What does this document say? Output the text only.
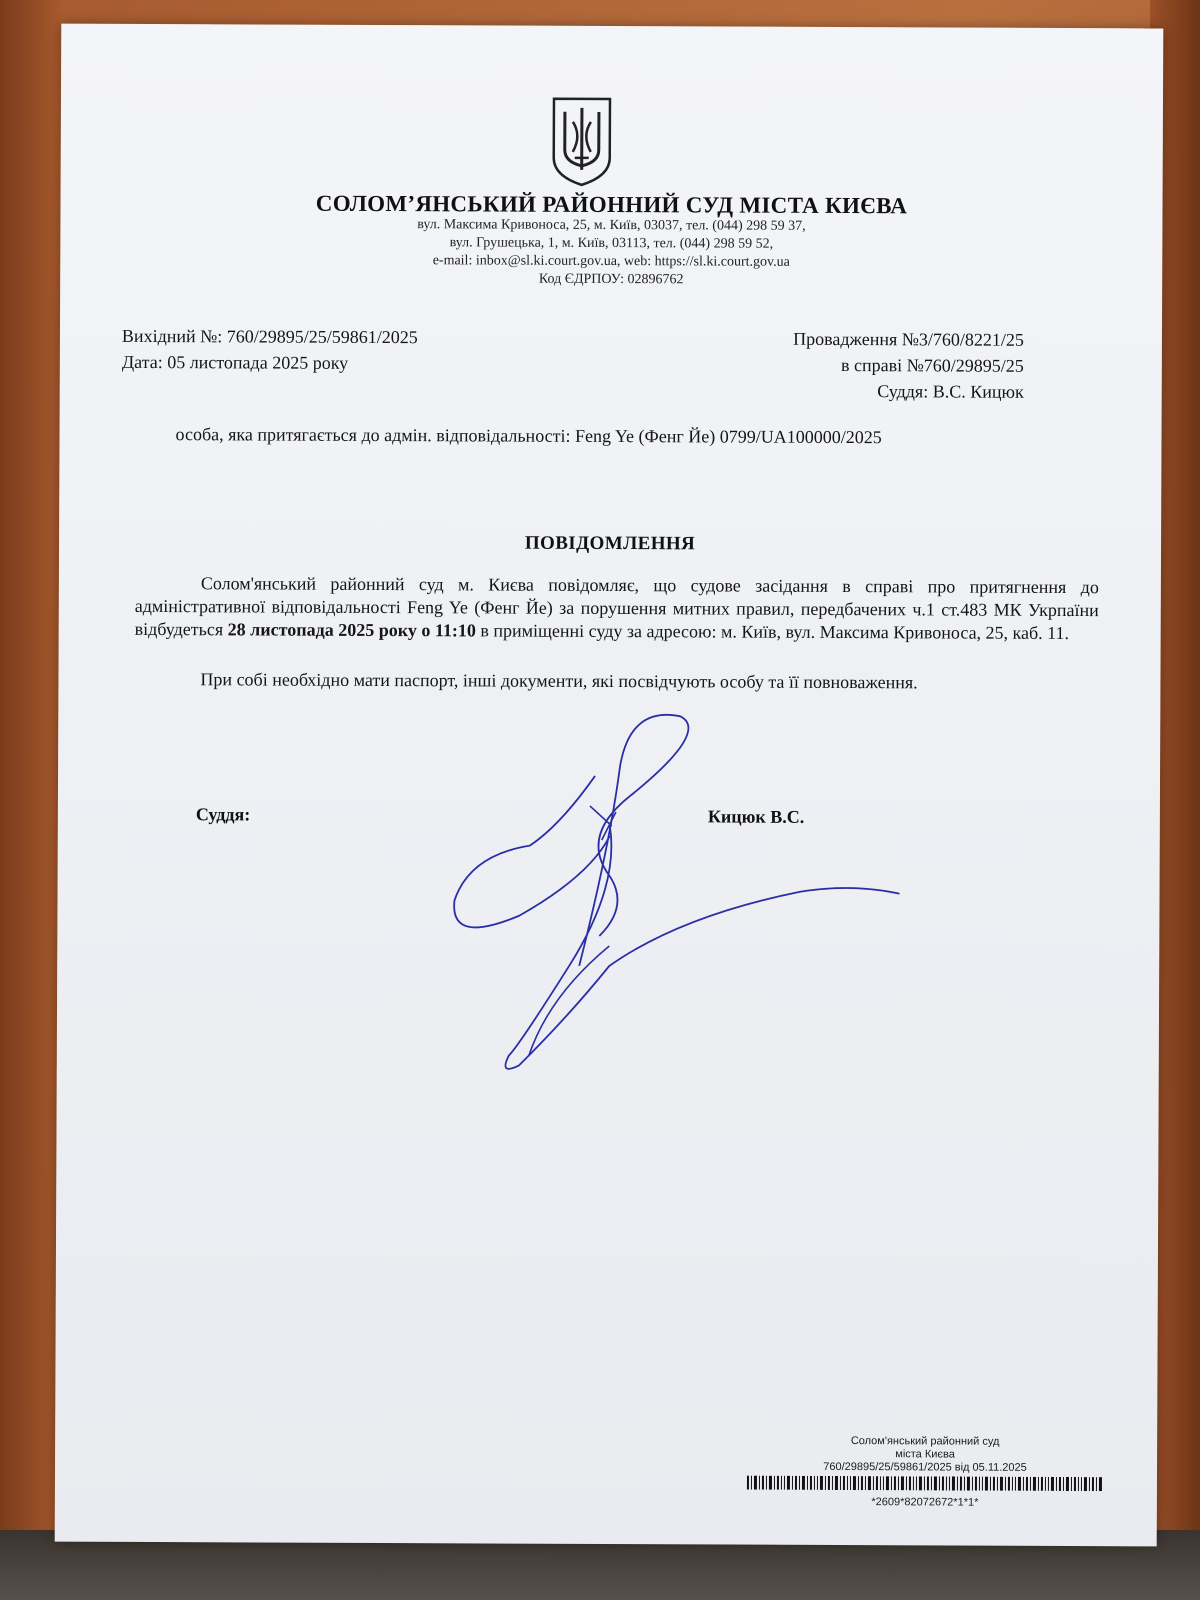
СОЛОМ’ЯНСЬКИЙ РАЙОННИЙ СУД МІСТА КИЄВА
вул. Максима Кривоноса, 25, м. Київ, 03037, тел. (044) 298 59 37,
вул. Грушецька, 1, м. Київ, 03113, тел. (044) 298 59 52,
e-mail: inbox@sl.ki.court.gov.ua, web: https://sl.ki.court.gov.ua
Код ЄДРПОУ: 02896762
Вихідний №: 760/29895/25/59861/2025
Дата: 05 листопада 2025 року
Провадження №3/760/8221/25
в справі №760/29895/25
Суддя: В.С. Кицюк
особа, яка притягається до адмін. відповідальності: Feng Ye (Фенг Йе) 0799/UA100000/2025
ПОВІДОМЛЕННЯ
Солом'янський районний суд м. Києва повідомляє, що судове засідання в справі про притягнення до адміністративної відповідальності Feng Ye (Фенг Йе) за порушення митних правил, передбачених ч.1 ст.483 МК Укрпаїни відбудеться 28 листопада 2025 року о 11:10 в приміщенні суду за адресою: м. Київ, вул. Максима Кривоноса, 25, каб. 11.
При собі необхідно мати паспорт, інші документи, які посвідчують особу та її повноваження.
Суддя:	Кицюк В.С.
Солом'янський районний суд
міста Києва
760/29895/25/59861/2025 від 05.11.2025
*2609*82072672*1*1*
